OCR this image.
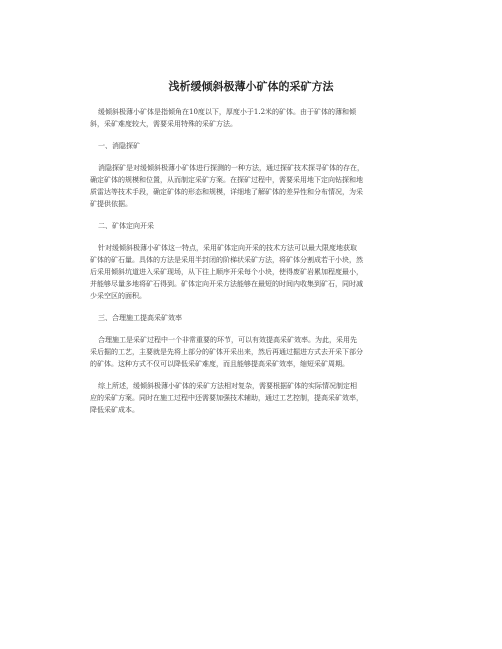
浅析缓倾斜极薄小矿体的采矿方法

缓倾斜极薄小矿体是指倾角在10度以下，厚度小于1.2米的矿体。由于矿体的薄和倾
斜，采矿难度较大，需要采用特殊的采矿方法。

一、消隐探矿

消隐探矿是对缓倾斜极薄小矿体进行探测的一种方法，通过探矿技术探寻矿体的存在，
确定矿体的规模和位置，从而制定采矿方案。在探矿过程中，需要采用地下定向钻探和地
质雷达等技术手段，确定矿体的形态和规模，详细地了解矿体的差异性和分布情况，为采
矿提供依据。

二、矿体定向开采

针对缓倾斜极薄小矿体这一特点，采用矿体定向开采的技术方法可以最大限度地获取
矿体的矿石量。具体的方法是采用半封闭的阶梯状采矿方法，将矿体分割成若干小块，然
后采用倾斜坑道进入采矿现场，从下往上顺序开采每个小块，使得废矿岩累加程度最小，
并能够尽量多地将矿石得到。矿体定向开采方法能够在最短的时间内收集到矿石，同时减
少采空区的面积。

三、合理施工提高采矿效率

合理施工是采矿过程中一个非常重要的环节，可以有效提高采矿效率。为此，采用先
采后掘的工艺，主要就是先将上部分的矿体开采出来，然后再通过掘进方式去开采下部分
的矿体。这种方式不仅可以降低采矿难度，而且能够提高采矿效率，缩短采矿周期。

综上所述，缓倾斜极薄小矿体的采矿方法相对复杂，需要根据矿体的实际情况制定相
应的采矿方案。同时在施工过程中还需要加强技术辅助，通过工艺控制，提高采矿效率，
降低采矿成本。
